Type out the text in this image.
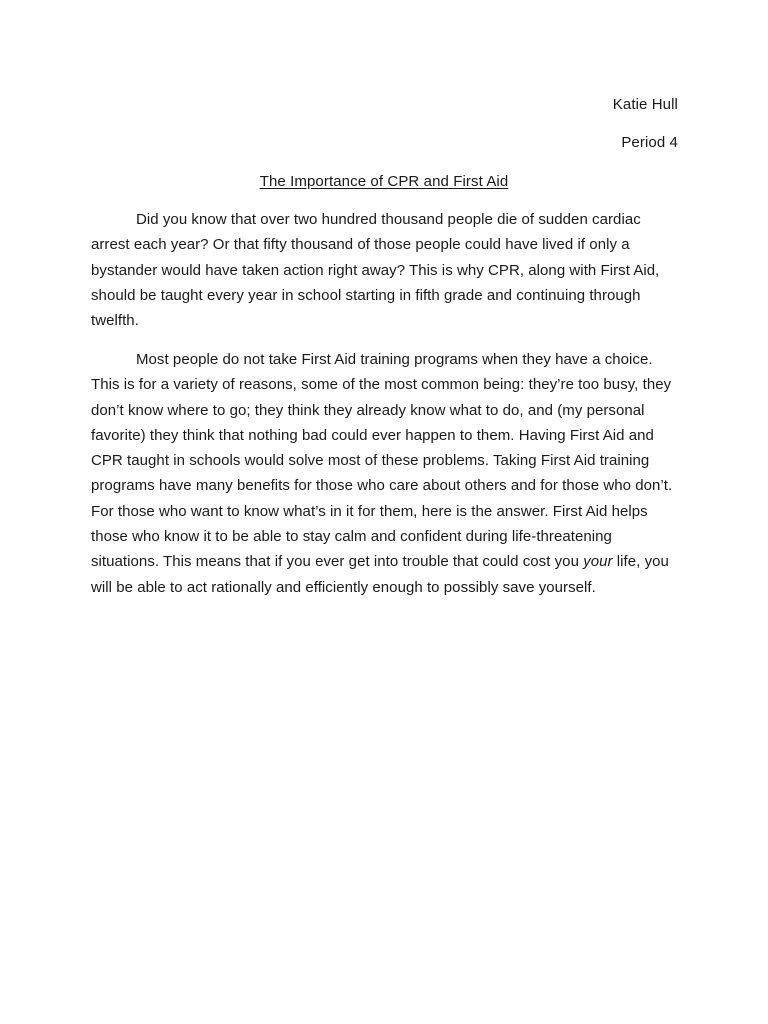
Katie Hull
Period 4
The Importance of CPR and First Aid

Did you know that over two hundred thousand people die of sudden cardiac arrest each year? Or that fifty thousand of those people could have lived if only a bystander would have taken action right away? This is why CPR, along with First Aid, should be taught every year in school starting in fifth grade and continuing through twelfth.

Most people do not take First Aid training programs when they have a choice. This is for a variety of reasons, some of the most common being: they’re too busy, they don’t know where to go; they think they already know what to do, and (my personal favorite) they think that nothing bad could ever happen to them. Having First Aid and CPR taught in schools would solve most of these problems. Taking First Aid training programs have many benefits for those who care about others and for those who don’t. For those who want to know what’s in it for them, here is the answer. First Aid helps those who know it to be able to stay calm and confident during life-threatening situations. This means that if you ever get into trouble that could cost you your life, you will be able to act rationally and efficiently enough to possibly save yourself.
